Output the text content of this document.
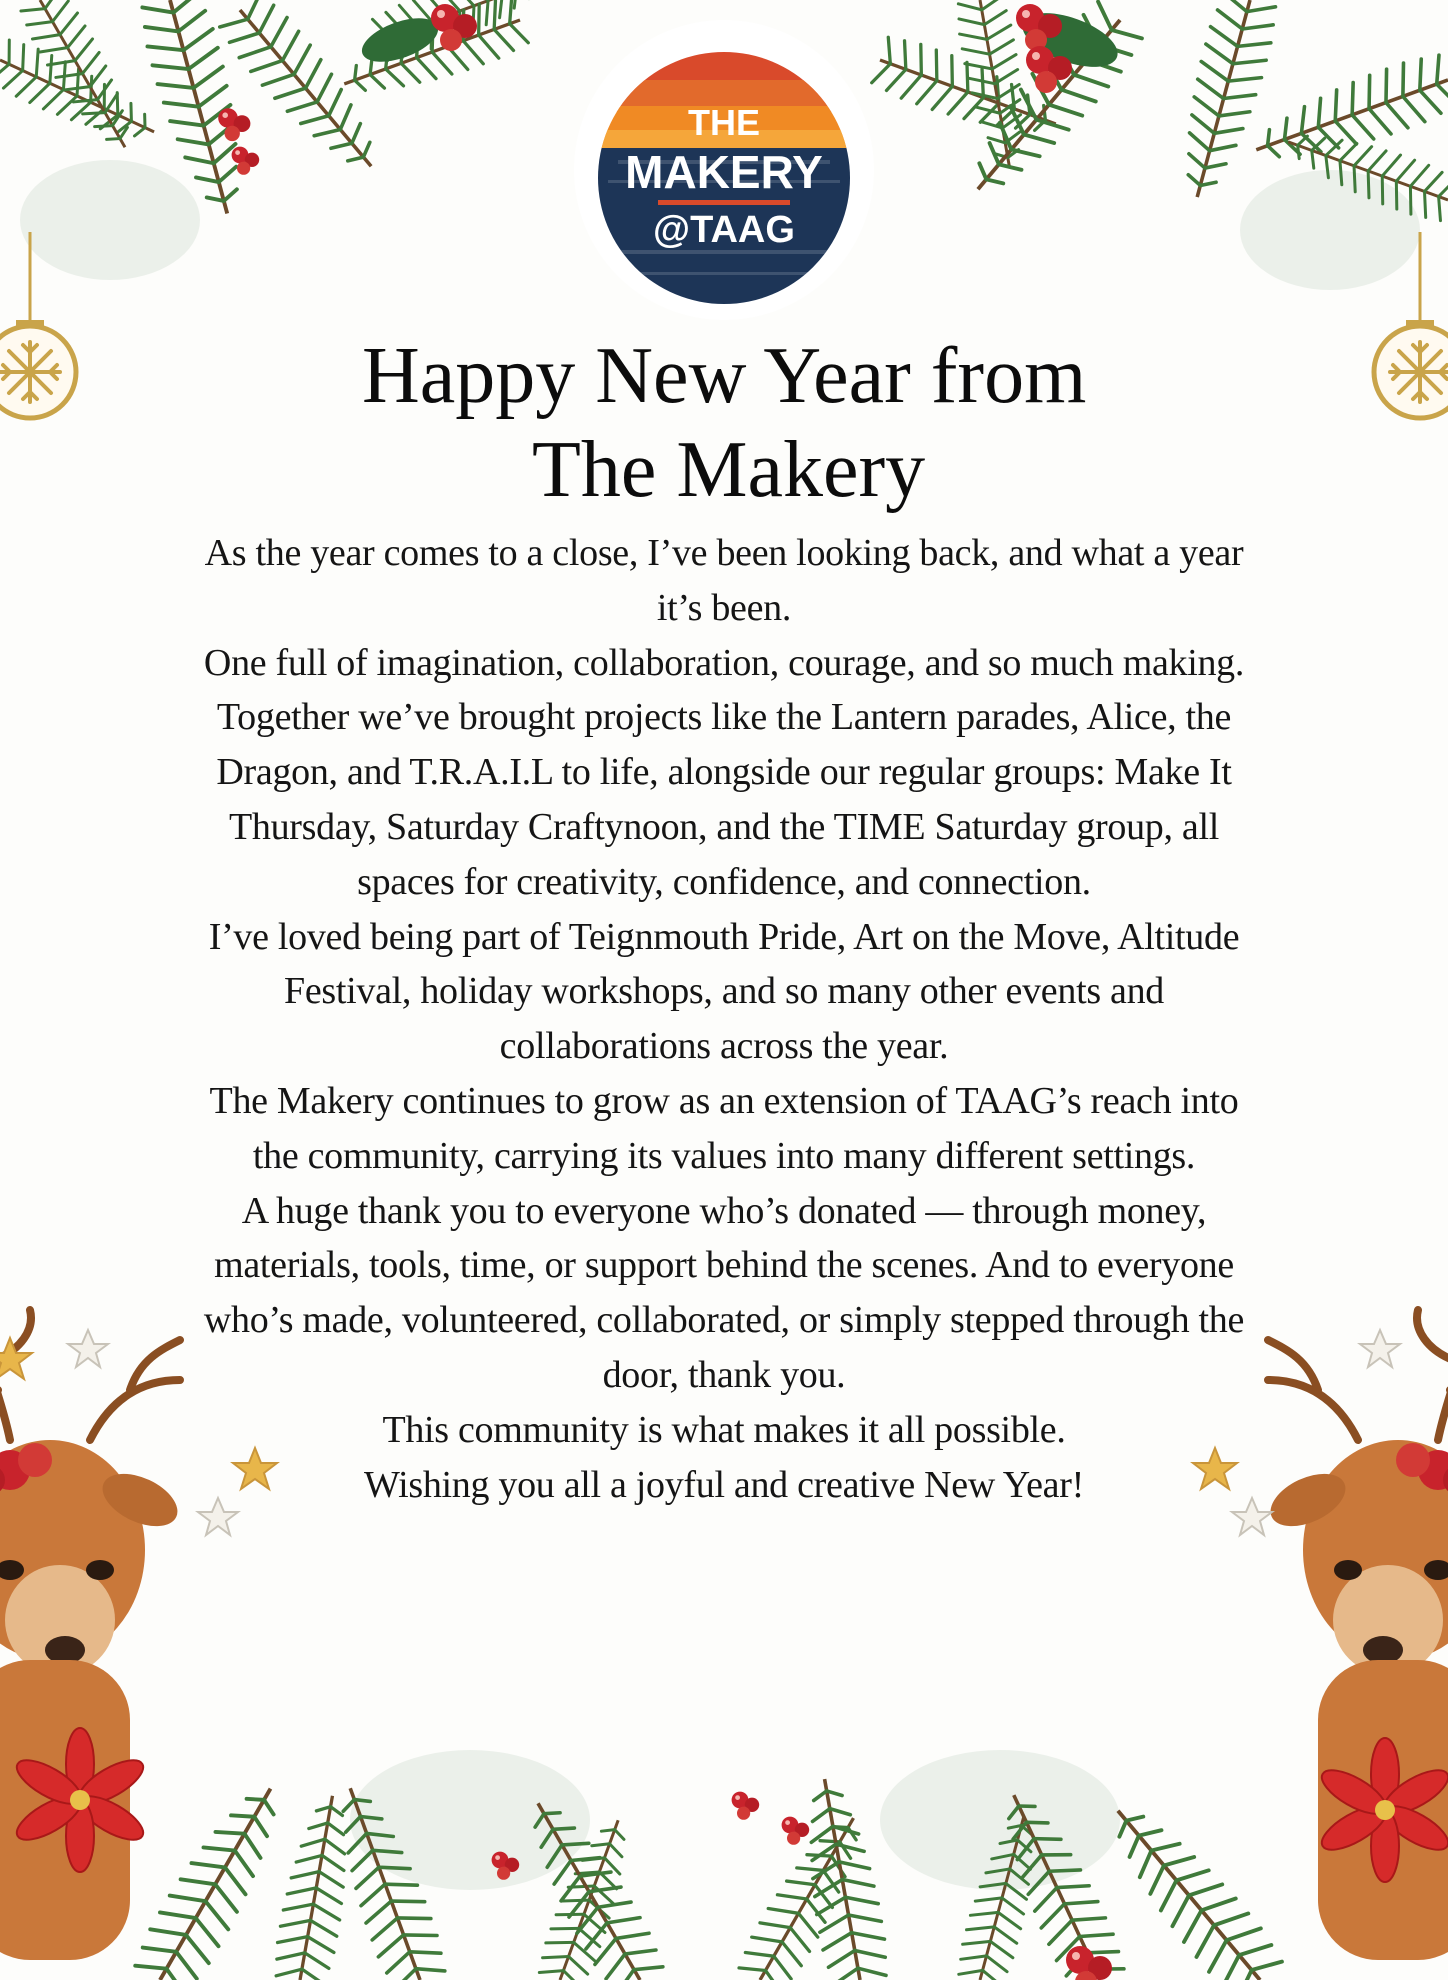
THE
MAKERY
@TAAG
Happy New Year from
The Makery

As the year comes to a close, I’ve been looking back, and what a year it’s been.

One full of imagination, collaboration, courage, and so much making.

Together we’ve brought projects like the Lantern parades, Alice, the Dragon, and T.R.A.I.L to life, alongside our regular groups: Make It Thursday, Saturday Craftynoon, and the TIME Saturday group, all spaces for creativity, confidence, and connection.

I’ve loved being part of Teignmouth Pride, Art on the Move, Altitude Festival, holiday workshops, and so many other events and collaborations across the year.

The Makery continues to grow as an extension of TAAG’s reach into the community, carrying its values into many different settings.

A huge thank you to everyone who’s donated — through money, materials, tools, time, or support behind the scenes. And to everyone who’s made, volunteered, collaborated, or simply stepped through the door, thank you.

This community is what makes it all possible.

Wishing you all a joyful and creative New Year!
